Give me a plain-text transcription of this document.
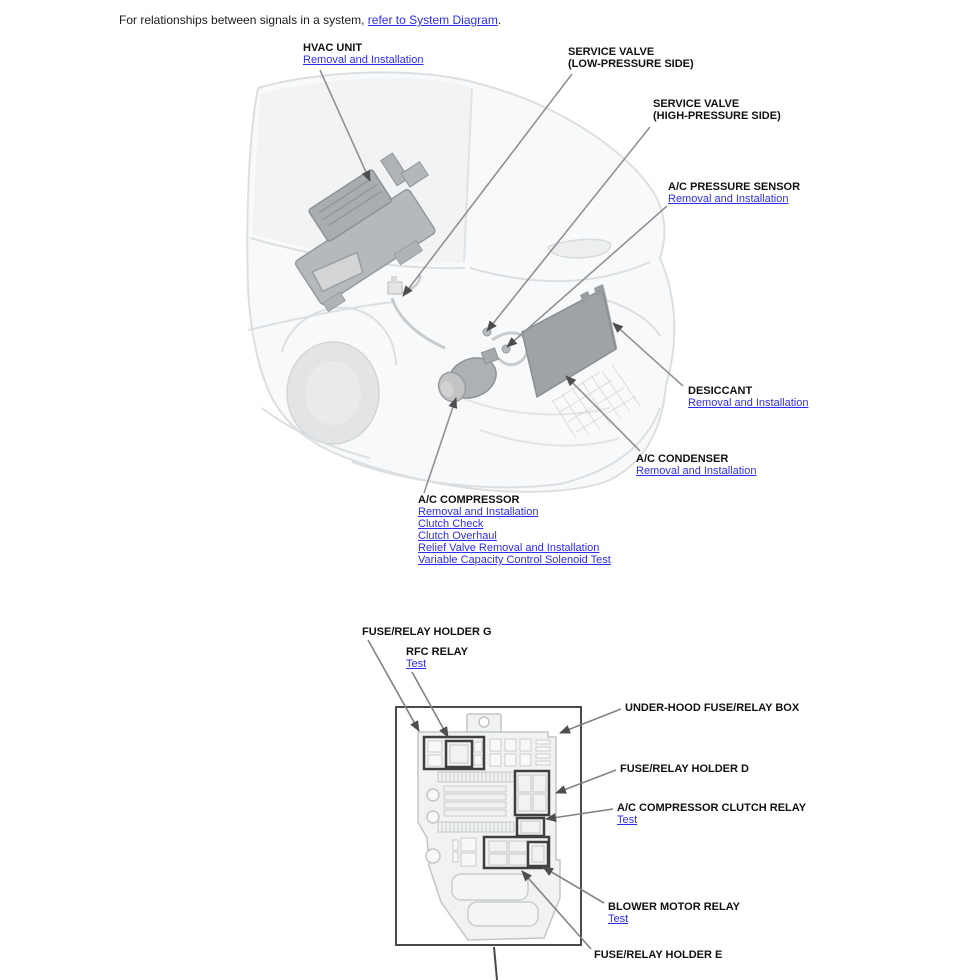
For relationships between signals in a system, refer to System Diagram.
HVAC UNIT
Removal and Installation
SERVICE VALVE
(LOW-PRESSURE SIDE)
SERVICE VALVE
(HIGH-PRESSURE SIDE)
A/C PRESSURE SENSOR
Removal and Installation
DESICCANT
Removal and Installation
A/C CONDENSER
Removal and Installation
A/C COMPRESSOR
Removal and Installation
Clutch Check
Clutch Overhaul
Relief Valve Removal and Installation
Variable Capacity Control Solenoid Test
FUSE/RELAY HOLDER G
RFC RELAY
Test
UNDER-HOOD FUSE/RELAY BOX
FUSE/RELAY HOLDER D
A/C COMPRESSOR CLUTCH RELAY
Test
BLOWER MOTOR RELAY
Test
FUSE/RELAY HOLDER E
